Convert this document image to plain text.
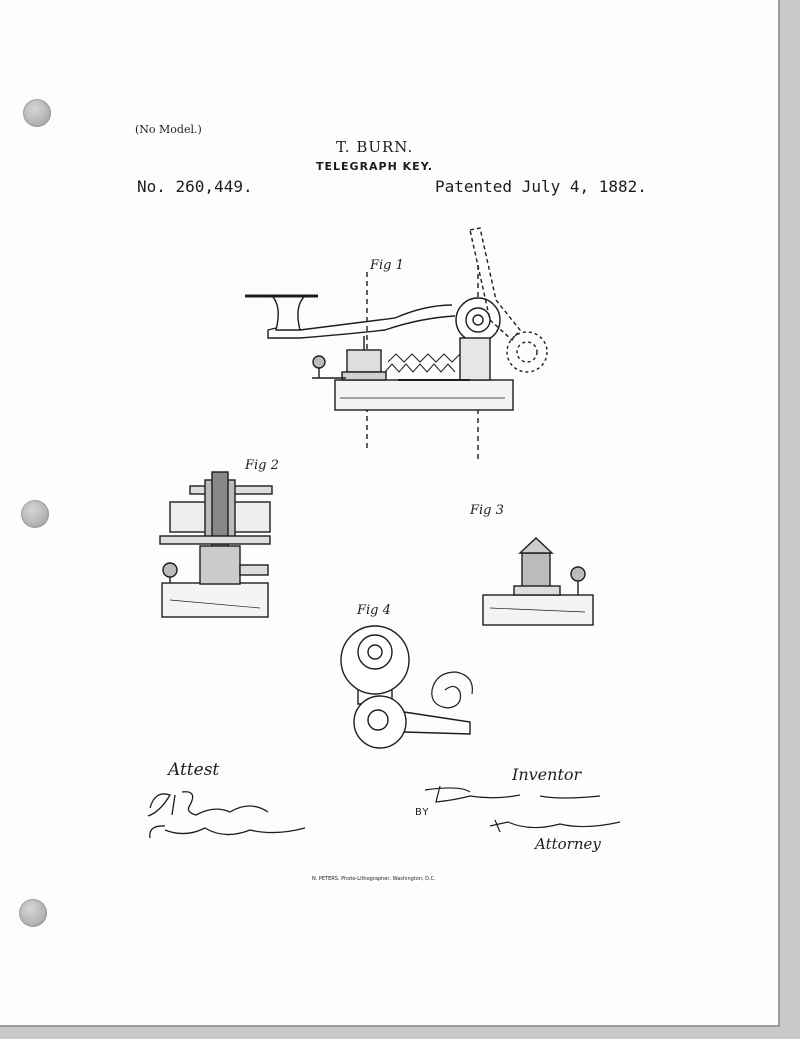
(No Model.)
T. BURN.
TELEGRAPH KEY.
No. 260,449.	Patented July 4, 1882.
Fig 1
Fig 2
Fig 3
Fig 4
Attest	Inventor
BY
Attorney
N. PETERS, Photo-Lithographer, Washington, D.C.
